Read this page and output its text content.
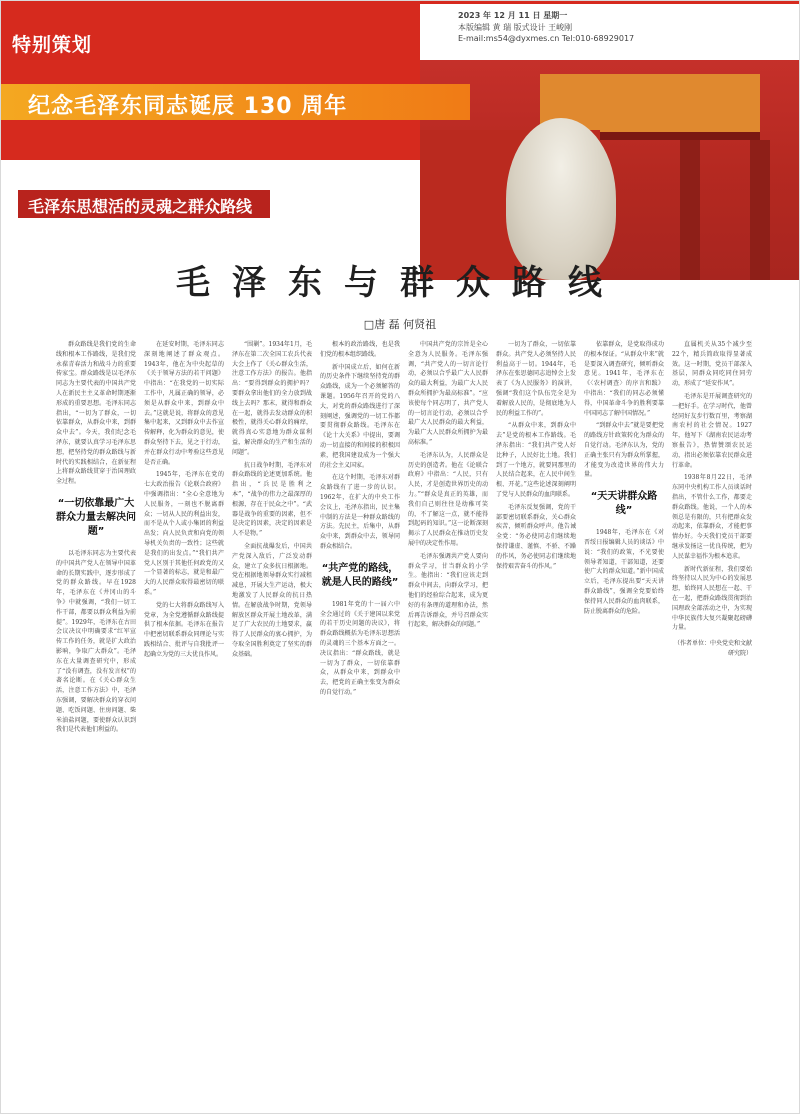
特别策划
2023 年 12 月 11 日 星期一
本版编辑 黄 瑞 版式设计 王峻刚
E-mail:ms54@dyxmes.cn Tel:010-68929017 05 學習時報
纪念毛泽东同志诞辰 130 周年
毛泽东思想活的灵魂之群众路线
毛泽东与群众路线
□唐 磊 何贤祖
群众路线是我们党的生命线和根本工作路线，是我们党永葆青春活力和战斗力的重要传家宝。群众路线是以毛泽东同志为主要代表的中国共产党人在新民主主义革命时期逐渐形成的重要思想。毛泽东同志指出，“一切为了群众，一切依靠群众，从群众中来，到群众中去”。今天，我们纪念毛泽东，就要认真学习毛泽东思想，把坚持党的群众路线与新时代的实践相结合，在新征程上将群众路线贯穿于治国理政全过程。
“一切依靠最广大群众力量去解决问题”
以毛泽东同志为主要代表的中国共产党人在领导中国革命的长期实践中，逐步形成了党的群众路线。早在1928年，毛泽东在《井冈山的斗争》中就强调，“我们一切工作干部，都要以群众利益为前提”。1929年，毛泽东在古田会议决议中明确要求“红军宣传工作的任务，就是扩大政治影响，争取广大群众”。毛泽东在大量调查研究中，形成了“没有调查，没有发言权”的著名论断。在《关心群众生活，注意工作方法》中，毛泽东强调，要解决群众的穿衣问题、吃饭问题、住房问题、柴米油盐问题，要使群众认识到我们是代表他们利益的。
在延安时期，毛泽东同志深刻地阐述了群众观点。1943年，他在为中央起草的《关于领导方法的若干问题》中指出：“在我党的一切实际工作中，凡属正确的领导，必须是从群众中来，到群众中去。”这就是说，将群众的意见集中起来，又到群众中去作宣传解释，化为群众的意见，使群众坚持下去，见之于行动，并在群众行动中考验这些意见是否正确。
1945年，毛泽东在党的七大政治报告《论联合政府》中强调指出：“全心全意地为人民服务，一刻也不脱离群众；一切从人民的利益出发，而不是从个人或小集团的利益出发；向人民负责和向党的领导机关负责的一致性；这些就是我们的出发点。”“我们共产党人区别于其他任何政党的又一个显著的标志，就是和最广大的人民群众取得最密切的联系。”
党的七大将群众路线写入党章，为全党遵循群众路线提供了根本依据。毛泽东在报告中把密切联系群众同理论与实践相结合、批评与自我批评一起确立为党的三大优良作风。
“围剿”。1934年1月，毛泽东在第二次全国工农兵代表大会上作了《关心群众生活，注意工作方法》的报告。他指出：“要得到群众的拥护吗？要群众拿出他们的全力放到战线上去吗？那末，就得和群众在一起，就得去发动群众的积极性，就得关心群众的痛痒，就得真心实意地为群众谋利益，解决群众的生产和生活的问题”。
抗日战争时期，毛泽东对群众路线的论述更加系统。他指出，“兵民是胜利之本”，“战争的伟力之最深厚的根源，存在于民众之中”。“武器是战争的重要的因素，但不是决定的因素，决定的因素是人不是物。”
全面抗战爆发后，中国共产党深入敌后，广泛发动群众，建立了众多抗日根据地。党在根据地领导群众实行减租减息，开展大生产运动，极大地激发了人民群众的抗日热情。在解放战争时期，党领导解放区群众开展土地改革，满足了广大农民的土地要求，赢得了人民群众的衷心拥护，为夺取全国胜利奠定了坚实的群众基础。
根本的政治路线，也是我们党的根本组织路线。
新中国成立后，如何在新的历史条件下继续坚持党的群众路线，成为一个必须解答的课题。1956年召开的党的八大，对党的群众路线进行了深刻阐述，强调党的一切工作都要贯彻群众路线。毛泽东在《论十大关系》中提出，要调动一切直接的和间接的积极因素，把我国建设成为一个强大的社会主义国家。
在这个时期，毛泽东对群众路线有了进一步的认识。1962年，在扩大的中央工作会议上，毛泽东指出，民主集中制的方法是一种群众路线的方法。先民主，后集中，从群众中来，到群众中去，领导同群众相结合。
“共产党的路线，就是人民的路线”
1981年党的十一届六中全会通过的《关于建国以来党的若干历史问题的决议》，将群众路线概括为毛泽东思想活的灵魂的三个基本方面之一。决议指出：“群众路线，就是一切为了群众，一切依靠群众，从群众中来，到群众中去，把党的正确主张变为群众的自觉行动。”
中国共产党的宗旨是全心全意为人民服务。毛泽东强调，“共产党人的一切言论行动，必须以合乎最广大人民群众的最大利益，为最广大人民群众所拥护为最高标准”。“应该使每个同志明了，共产党人的一切言论行动，必须以合乎最广大人民群众的最大利益，为最广大人民群众所拥护为最高标准。”
毛泽东认为，人民群众是历史的创造者。他在《论联合政府》中指出：“人民，只有人民，才是创造世界历史的动力。”“群众是真正的英雄，而我们自己则往往是幼稚可笑的，不了解这一点，就不能得到起码的知识。”这一论断深刻揭示了人民群众在推动历史发展中的决定性作用。
毛泽东强调共产党人要向群众学习，甘当群众的小学生。他指出：“我们应该走到群众中间去，向群众学习，把他们的经验综合起来，成为更好的有条理的道理和办法，然后再告诉群众，并号召群众实行起来，解决群众的问题。”
一切为了群众，一切依靠群众。共产党人必须坚持人民利益高于一切。1944年，毛泽东在张思德同志追悼会上发表了《为人民服务》的演讲，强调“我们这个队伍完全是为着解放人民的，是彻底地为人民的利益工作的”。
“从群众中来，到群众中去”是党的根本工作路线。毛泽东指出：“我们共产党人好比种子，人民好比土地。我们到了一个地方，就要同那里的人民结合起来，在人民中间生根、开花。”这些论述深刻阐明了党与人民群众的血肉联系。
毛泽东反复强调，党的干部要密切联系群众，关心群众疾苦，倾听群众呼声。他告诫全党：“务必使同志们继续地保持谦虚、谨慎、不骄、不躁的作风，务必使同志们继续地保持艰苦奋斗的作风。”
依靠群众，是党取得成功的根本保证。“从群众中来”就是要深入调查研究，倾听群众意见。1941年，毛泽东在《〈农村调查〉的序言和跋》中指出：“我们的同志必须懂得，中国革命斗争的胜利要靠中国同志了解中国情况。”
“到群众中去”就是要把党的路线方针政策转化为群众的自觉行动。毛泽东认为，党的正确主张只有为群众所掌握，才能变为改造世界的伟大力量。
“天天讲群众路线”
1948年，毛泽东在《对晋绥日报编辑人员的谈话》中说：“我们的政策，不光要使领导者知道，干部知道，还要使广大的群众知道。”新中国成立后，毛泽东提出要“天天讲群众路线”，强调全党要始终保持同人民群众的血肉联系，防止脱离群众的危险。
直属机关从35个减少至22个，精兵简政取得显著成效。这一时期，党员干部深入基层，同群众同吃同住同劳动，形成了“延安作风”。
毛泽东是开展调查研究的一把好手。在学习时代，他曾经同好友步行数百里，考察湖南农村的社会情况。1927年，他写下《湖南农民运动考察报告》，热情赞颂农民运动，指出必须依靠农民群众进行革命。
1938年8月22日，毛泽东同中央机构工作人员谈话时指出，不管什么工作，都要走群众路线。他说，一个人的本领总是有限的，只有把群众发动起来，依靠群众，才能把事情办好。今天我们党员干部要继承发扬这一优良传统，把为人民谋幸福作为根本追求。
新时代新征程，我们要始终坚持以人民为中心的发展思想，始终同人民想在一起、干在一起，把群众路线贯彻到治国理政全部活动之中，为实现中华民族伟大复兴凝聚起磅礴力量。
（作者单位：中央党史和文献研究院）
